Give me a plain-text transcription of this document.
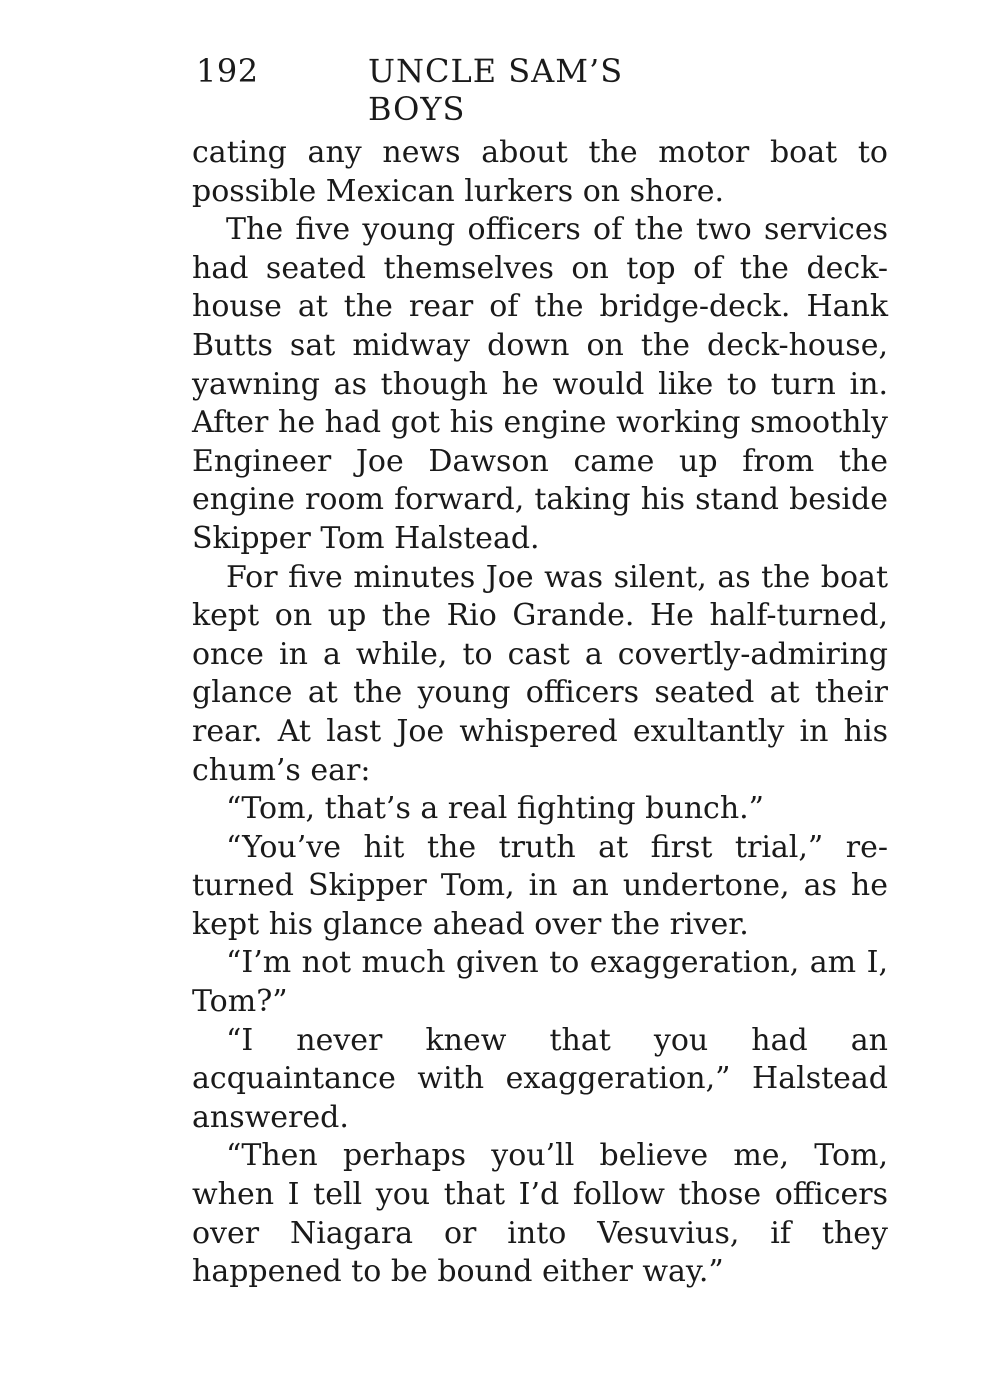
192	UNCLE SAM’S BOYS

cating any news about the motor boat to possible Mexican lurkers on shore.

The five young officers of the two services had seated themselves on top of the deck-house at the rear of the bridge-deck. Hank Butts sat midway down on the deck-house, yawning as though he would like to turn in. After he had got his engine working smoothly Engineer Joe Dawson came up from the engine room forward, taking his stand beside Skipper Tom Halstead.

For five minutes Joe was silent, as the boat kept on up the Rio Grande. He half-turned, once in a while, to cast a covertly-admiring glance at the young officers seated at their rear. At last Joe whispered exultantly in his chum’s ear:

“Tom, that’s a real fighting bunch.”

“You’ve hit the truth at first trial,” returned Skipper Tom, in an undertone, as he kept his glance ahead over the river.

“I’m not much given to exaggeration, am I, Tom?”

“I never knew that you had an acquaintance with exaggeration,” Halstead answered.

“Then perhaps you’ll believe me, Tom, when I tell you that I’d follow those officers over Niagara or into Vesuvius, if they happened to be bound either way.”
